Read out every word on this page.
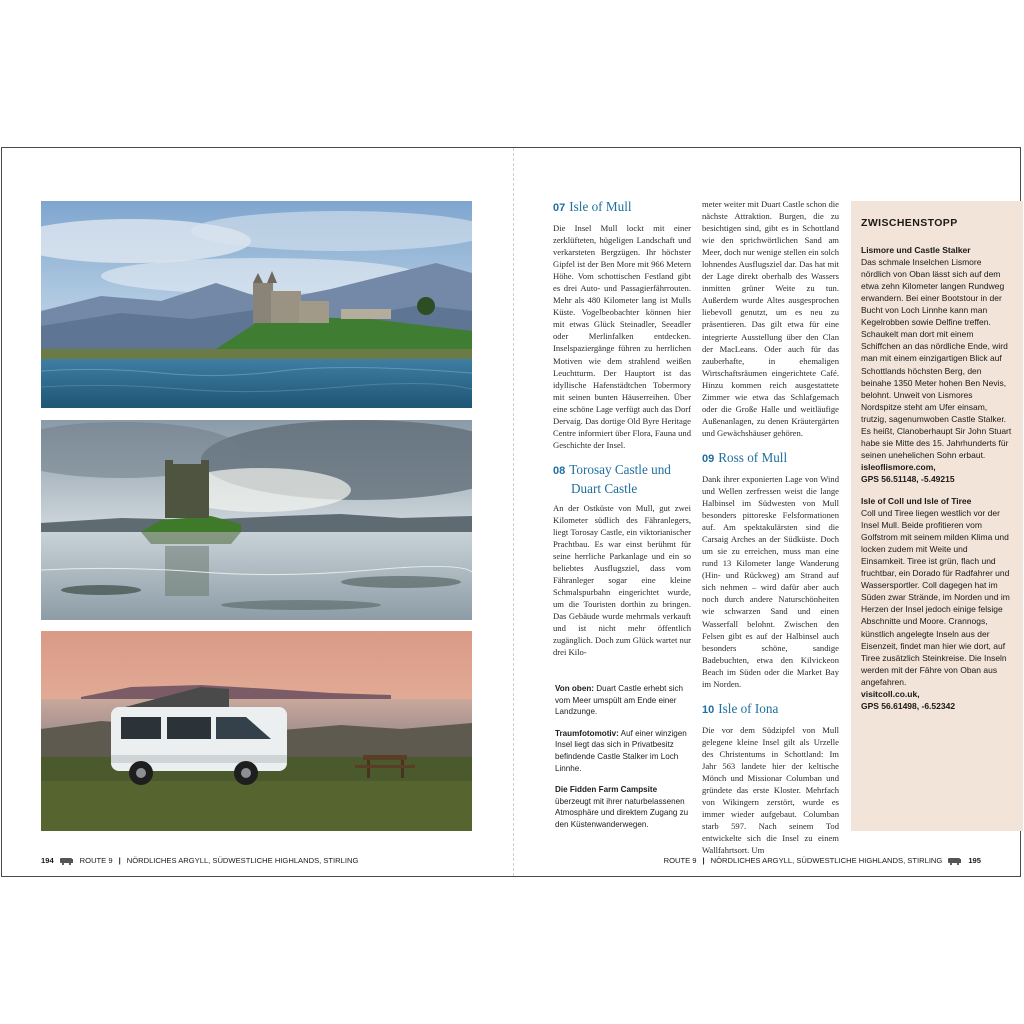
07 Isle of Mull

Die Insel Mull lockt mit einer zerklüfteten, hügeligen Landschaft und verkarsteten Bergzügen. Ihr höchster Gipfel ist der Ben More mit 966 Metern Höhe. Vom schottischen Festland gibt es drei Auto- und Passagierfährrouten. Mehr als 480 Kilometer lang ist Mulls Küste. Vogelbeobachter können hier mit etwas Glück Steinadler, Seeadler oder Merlinfalken entdecken. Inselspaziergänge führen zu herrlichen Motiven wie dem strahlend weißen Leuchtturm. Der Hauptort ist das idyllische Hafenstädtchen Tobermory mit seinen bunten Häuserreihen. Über eine schöne Lage verfügt auch das Dorf Dervaig. Das dortige Old Byre Heritage Centre informiert über Flora, Fauna und Geschichte der Insel.

08 Torosay Castle und
Duart Castle

An der Ostküste von Mull, gut zwei Kilometer südlich des Fähranlegers, liegt Torosay Castle, ein viktorianischer Prachtbau. Es war einst berühmt für seine herrliche Parkanlage und ein so beliebtes Ausflugsziel, dass vom Fähranleger sogar eine kleine Schmalspurbahn eingerichtet wurde, um die Touristen dorthin zu bringen. Das Gebäude wurde mehrmals verkauft und ist nicht mehr öffentlich zugänglich. Doch zum Glück wartet nur drei Kilo-

Von oben: Duart Castle erhebt sich vom Meer umspült am Ende einer Landzunge.

Traumfotomotiv: Auf einer winzigen Insel liegt das sich in Privatbesitz befindende Castle Stalker im Loch Linnhe.

Die Fidden Farm Campsite überzeugt mit ihrer naturbelassenen Atmosphäre und direktem Zugang zu den Küstenwanderwegen.

meter weiter mit Duart Castle schon die nächste Attraktion. Burgen, die zu besichtigen sind, gibt es in Schottland wie den sprichwörtlichen Sand am Meer, doch nur wenige stellen ein solch lohnendes Ausflugsziel dar. Das hat mit der Lage direkt oberhalb des Wassers inmitten grüner Weite zu tun. Außerdem wurde Altes ausgesprochen liebevoll genutzt, um es neu zu präsentieren. Das gilt etwa für eine integrierte Ausstellung über den Clan der MacLeans. Oder auch für das zauberhafte, in ehemaligen Wirtschaftsräumen eingerichtete Café. Hinzu kommen reich ausgestattete Zimmer wie etwa das Schlafgemach oder die Große Halle und weitläufige Außenanlagen, zu denen Kräutergärten und Gewächshäuser gehören.

09 Ross of Mull

Dank ihrer exponierten Lage von Wind und Wellen zerfressen weist die lange Halbinsel im Südwesten von Mull besonders pittoreske Felsformationen auf. Am spektakulärsten sind die Carsaig Arches an der Südküste. Doch um sie zu erreichen, muss man eine rund 13 Kilometer lange Wanderung (Hin- und Rückweg) am Strand auf sich nehmen – wird dafür aber auch noch durch andere Naturschönheiten wie schwarzen Sand und einen Wasserfall belohnt. Zwischen den Felsen gibt es auf der Halbinsel auch besonders schöne, sandige Badebuchten, etwa den Kilvickeon Beach im Süden oder die Market Bay im Norden.

10 Isle of Iona

Die vor dem Südzipfel von Mull gelegene kleine Insel gilt als Urzelle des Christentums in Schottland: Im Jahr 563 landete hier der keltische Mönch und Missionar Columban und gründete das erste Kloster. Mehrfach von Wikingern zerstört, wurde es immer wieder aufgebaut. Columban starb 597. Nach seinem Tod entwickelte sich die Insel zu einem Wallfahrtsort. Um

ZWISCHENSTOPP
Lismore und Castle Stalker
Das schmale Inselchen Lismore nördlich von Oban lässt sich auf dem etwa zehn Kilometer langen Rundweg erwandern. Bei einer Bootstour in der Bucht von Loch Linnhe kann man Kegelrobben sowie Delfine treffen. Schaukelt man dort mit einem Schiffchen an das nördliche Ende, wird man mit einem einzigartigen Blick auf Schottlands höchsten Berg, den beinahe 1350 Meter hohen Ben Nevis, belohnt. Unweit von Lismores Nordspitze steht am Ufer einsam, trutzig, sagenumwoben Castle Stalker. Es heißt, Clanoberhaupt Sir John Stuart habe sie Mitte des 15. Jahrhunderts für seinen unehelichen Sohn erbaut.
isleoflismore.com,
GPS 56.51148, -5.49215
Isle of Coll und Isle of Tiree
Coll und Tiree liegen westlich vor der Insel Mull. Beide profitieren vom Golfstrom mit seinem milden Klima und locken zudem mit Weite und Einsamkeit. Tiree ist grün, flach und fruchtbar, ein Dorado für Radfahrer und Wassersportler. Coll dagegen hat im Süden zwar Strände, im Norden und im Herzen der Insel jedoch einige felsige Abschnitte und Moore. Crannogs, künstlich angelegte Inseln aus der Eisenzeit, findet man hier wie dort, auf Tiree zusätzlich Steinkreise. Die Inseln werden mit der Fähre von Oban aus angefahren.
visitcoll.co.uk,
GPS 56.61498, -6.52342
194	ROUTE 9 | NÖRDLICHES ARGYLL, SÜDWESTLICHE HIGHLANDS, STIRLING	ROUTE 9 | NÖRDLICHES ARGYLL, SÜDWESTLICHE HIGHLANDS, STIRLING	195
